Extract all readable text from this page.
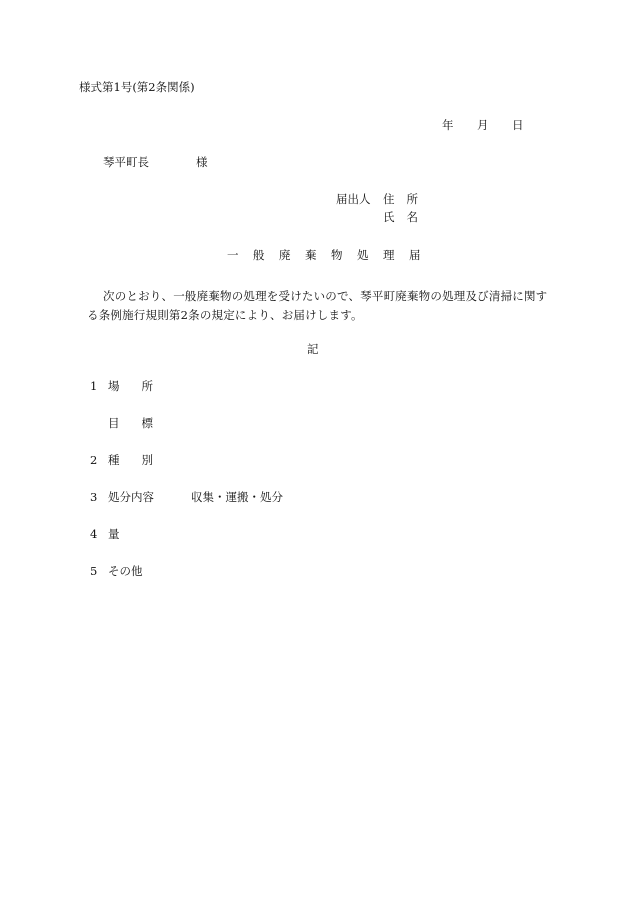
様式第1号(第2条関係)
年 月 日
琴平町長	様
届出人 住所
氏名
一般廃棄物処理届
次のとおり、一般廃棄物の処理を受けたいので、琴平町廃棄物の処理及び清掃に関する条例施行規則第2条の規定により、お届けします。
記
1 場所
目標
2 種別
3 処分内容	収集・運搬・処分
4 量
5 その他
